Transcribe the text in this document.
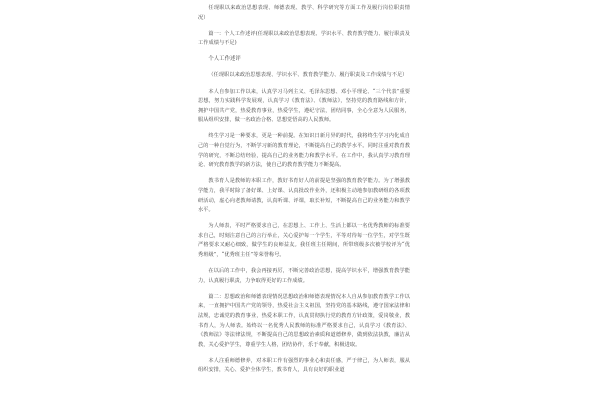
任现职以来政治思想表现、师德表现、教学、科学研究等方面工作及履行岗位职责情况）

篇一：个人工作述评(任现职以来政治思想表现、学识水平、教育教学能力、履行职责及工作成绩与不足)

个人工作述评

（任现职以来政治思想表现、学识水平、教育教学能力、履行职责及工作成绩与不足）

本人自参加工作以来，认真学习马列主义、毛泽东思想、邓小平理论、“三个代表”重要思想，努力实践科学发展观，认真学习《教育法》、《教师法》，坚持党的教育路线和方针，拥护中国共产党，热爱教育事业，热爱学生，遵纪守法，团结同事，全心全意为人民服务，服从组织安排，做一名政治合格、思想觉悟高的人民教师。

终生学习是一种要求，更是一种前提。在知识日新月异的时代，我将终生学习内化成自己的一种自觉行为，不断学习新的教育理论，不断提高自己的教学水平。同时注重对教育教学的研究，不断总结经验，提高自己的业务能力和教学水平。在工作中，我认真学习教育理论、研究教育教学的新方法，使自己的教育教学能力不断提高。

教书育人是教师的本职工作，教好书育好人的前提是坚强的教育教学能力。为了增强教学能力，我平时除了备好课、上好课、认真批改作业外，还积极主动地参加教研组的各项教研活动，虚心向老教师请教，认真听课、评课，取长补短，不断提高自己的业务能力和教学水平。

为人师表，平时严格要求自己，在思想上、工作上、生活上都以一名优秀教师的标准要求自己，时刻注意自己的言行举止，关心爱护每一个学生，平等对待每一位学生，对学生既严格要求又耐心细致，做学生的良师益友。我任班主任期间，所带班级多次被学校评为“优秀班级”，“优秀班主任”等荣誉称号。

在以后的工作中，我会再接再厉，不断完善政治思想，提高学识水平，增强教育教学能力，认真履行职责，力争取得更好的工作成绩。

篇二：思想政治和师德表现情况思想政治和师德表现情况本人自从参加教育教学工作以来，一直拥护中国共产党的领导，热爱社会主义祖国，坚持党的基本路线，遵守国家法律和法规，忠诚党的教育事业，热爱本职工作，认真贯彻执行党的教育方针政策，爱岗敬业，教书育人，为人师表。始终以一名优秀人民教师的标准严格要求自己，认真学习《教育法》、《教师法》等法律法规，不断提高自己的思想政治素质和道德修养，做到依法执教，廉洁从教，关心爱护学生，尊重学生人格，团结协作，乐于奉献，积极进取。

本人注重师德修养，对本职工作有强烈的事业心和责任感，严于律己，为人师表，服从组织安排，关心、爱护全体学生，教书育人，具有良好的职业道
